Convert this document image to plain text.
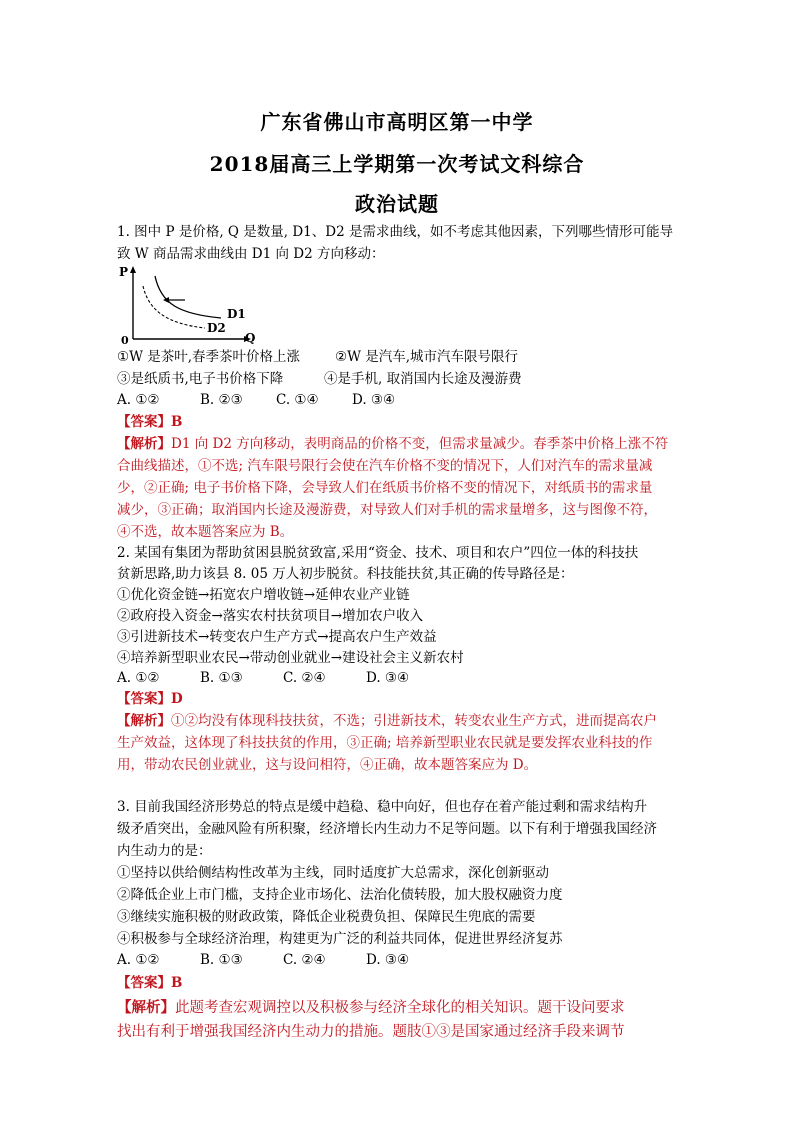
广东省佛山市高明区第一中学
2018届高三上学期第一次考试文科综合
政治试题
1. 图中 P 是价格, Q 是数量, D1、D2 是需求曲线，如不考虑其他因素，下列哪些情形可能导
致 W 商品需求曲线由 D1 向 D2 方向移动：
P
Q
0
D1
D2
①W 是茶叶,春季茶叶价格上涨	②W 是汽车,城市汽车限号限行
③是纸质书,电子书价格下降	④是手机, 取消国内长途及漫游费
A. ①②	B. ②③ C. ①④ D. ③④
【答案】B
【解析】D1 向 D2 方向移动，表明商品的价格不变，但需求量减少。春季茶中价格上涨不符
合曲线描述，①不选; 汽车限号限行会使在汽车价格不变的情况下，人们对汽车的需求量减
少，②正确; 电子书价格下降，会导致人们在纸质书价格不变的情况下，对纸质书的需求量
减少，③正确；取消国内长途及漫游费，对导致人们对手机的需求量增多，这与图像不符，
④不选，故本题答案应为 B。
2. 某国有集团为帮助贫困县脱贫致富,采用“资金、技术、项目和农户”四位一体的科技扶
贫新思路,助力该县 8. 05 万人初步脱贫。科技能扶贫,其正确的传导路径是：
①优化资金链→拓宽农户增收链→延伸农业产业链
②政府投入资金→落实农村扶贫项目→增加农户收入
③引进新技术→转变农户生产方式→提高农户生产效益
④培养新型职业农民→带动创业就业→建设社会主义新农村
A. ①②	B. ①③	C. ②④	D. ③④
【答案】D
【解析】①②均没有体现科技扶贫，不选；引进新技术，转变农业生产方式，进而提高农户
生产效益，这体现了科技扶贫的作用，③正确; 培养新型职业农民就是要发挥农业科技的作
用，带动农民创业就业，这与设问相符，④正确，故本题答案应为 D。
3. 目前我国经济形势总的特点是缓中趋稳、稳中向好，但也存在着产能过剩和需求结构升
级矛盾突出，金融风险有所积聚，经济增长内生动力不足等问题。以下有利于增强我国经济
内生动力的是：
①坚持以供给侧结构性改革为主线，同时适度扩大总需求，深化创新驱动
②降低企业上市门槛，支持企业市场化、法治化债转股，加大股权融资力度
③继续实施积极的财政政策，降低企业税费负担、保障民生兜底的需要
④积极参与全球经济治理，构建更为广泛的利益共同体，促进世界经济复苏
A. ①②	B. ①③	C. ②④	D. ③④
【答案】B
【解析】此题考查宏观调控以及积极参与经济全球化的相关知识。题干设问要求
找出有利于增强我国经济内生动力的措施。题肢①③是国家通过经济手段来调节
